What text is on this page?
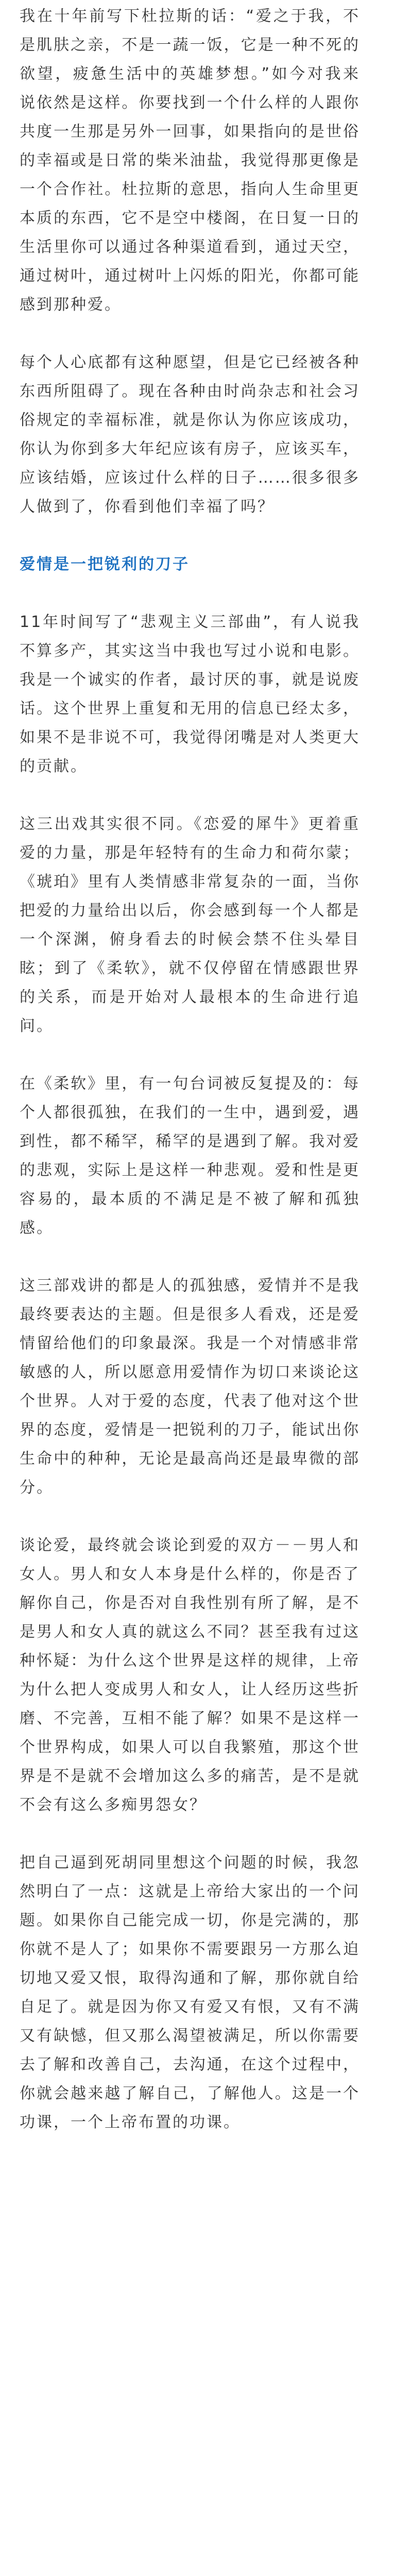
我在十年前写下杜拉斯的话：“爱之于我，不是肌肤之亲，不是一蔬一饭，它是一种不死的欲望，疲惫生活中的英雄梦想。”如今对我来说依然是这样。你要找到一个什么样的人跟你共度一生那是另外一回事，如果指向的是世俗的幸福或是日常的柴米油盐，我觉得那更像是一个合作社。杜拉斯的意思，指向人生命里更本质的东西，它不是空中楼阁，在日复一日的生活里你可以通过各种渠道看到，通过天空，通过树叶，通过树叶上闪烁的阳光，你都可能感到那种爱。

每个人心底都有这种愿望，但是它已经被各种东西所阻碍了。现在各种由时尚杂志和社会习俗规定的幸福标准，就是你认为你应该成功，你认为你到多大年纪应该有房子，应该买车，应该结婚，应该过什么样的日子……很多很多人做到了，你看到他们幸福了吗？

爱情是一把锐利的刀子

11年时间写了“悲观主义三部曲”，有人说我不算多产，其实这当中我也写过小说和电影。我是一个诚实的作者，最讨厌的事，就是说废话。这个世界上重复和无用的信息已经太多，如果不是非说不可，我觉得闭嘴是对人类更大的贡献。

这三出戏其实很不同。《恋爱的犀牛》更着重爱的力量，那是年轻特有的生命力和荷尔蒙；《琥珀》里有人类情感非常复杂的一面，当你把爱的力量给出以后，你会感到每一个人都是一个深渊，俯身看去的时候会禁不住头晕目眩；到了《柔软》，就不仅停留在情感跟世界的关系，而是开始对人最根本的生命进行追问。

在《柔软》里，有一句台词被反复提及的：每个人都很孤独，在我们的一生中，遇到爱，遇到性，都不稀罕，稀罕的是遇到了解。我对爱的悲观，实际上是这样一种悲观。爱和性是更容易的，最本质的不满足是不被了解和孤独感。

这三部戏讲的都是人的孤独感，爱情并不是我最终要表达的主题。但是很多人看戏，还是爱情留给他们的印象最深。我是一个对情感非常敏感的人，所以愿意用爱情作为切口来谈论这个世界。人对于爱的态度，代表了他对这个世界的态度，爱情是一把锐利的刀子，能试出你生命中的种种，无论是最高尚还是最卑微的部分。

谈论爱，最终就会谈论到爱的双方－－男人和女人。男人和女人本身是什么样的，你是否了解你自己，你是否对自我性别有所了解，是不是男人和女人真的就这么不同？甚至我有过这种怀疑：为什么这个世界是这样的规律，上帝为什么把人变成男人和女人，让人经历这些折磨、不完善，互相不能了解？如果不是这样一个世界构成，如果人可以自我繁殖，那这个世界是不是就不会增加这么多的痛苦，是不是就不会有这么多痴男怨女？

把自己逼到死胡同里想这个问题的时候，我忽然明白了一点：这就是上帝给大家出的一个问题。如果你自己能完成一切，你是完满的，那你就不是人了；如果你不需要跟另一方那么迫切地又爱又恨，取得沟通和了解，那你就自给自足了。就是因为你又有爱又有恨，又有不满又有缺憾，但又那么渴望被满足，所以你需要去了解和改善自己，去沟通，在这个过程中，你就会越来越了解自己，了解他人。这是一个功课，一个上帝布置的功课。
